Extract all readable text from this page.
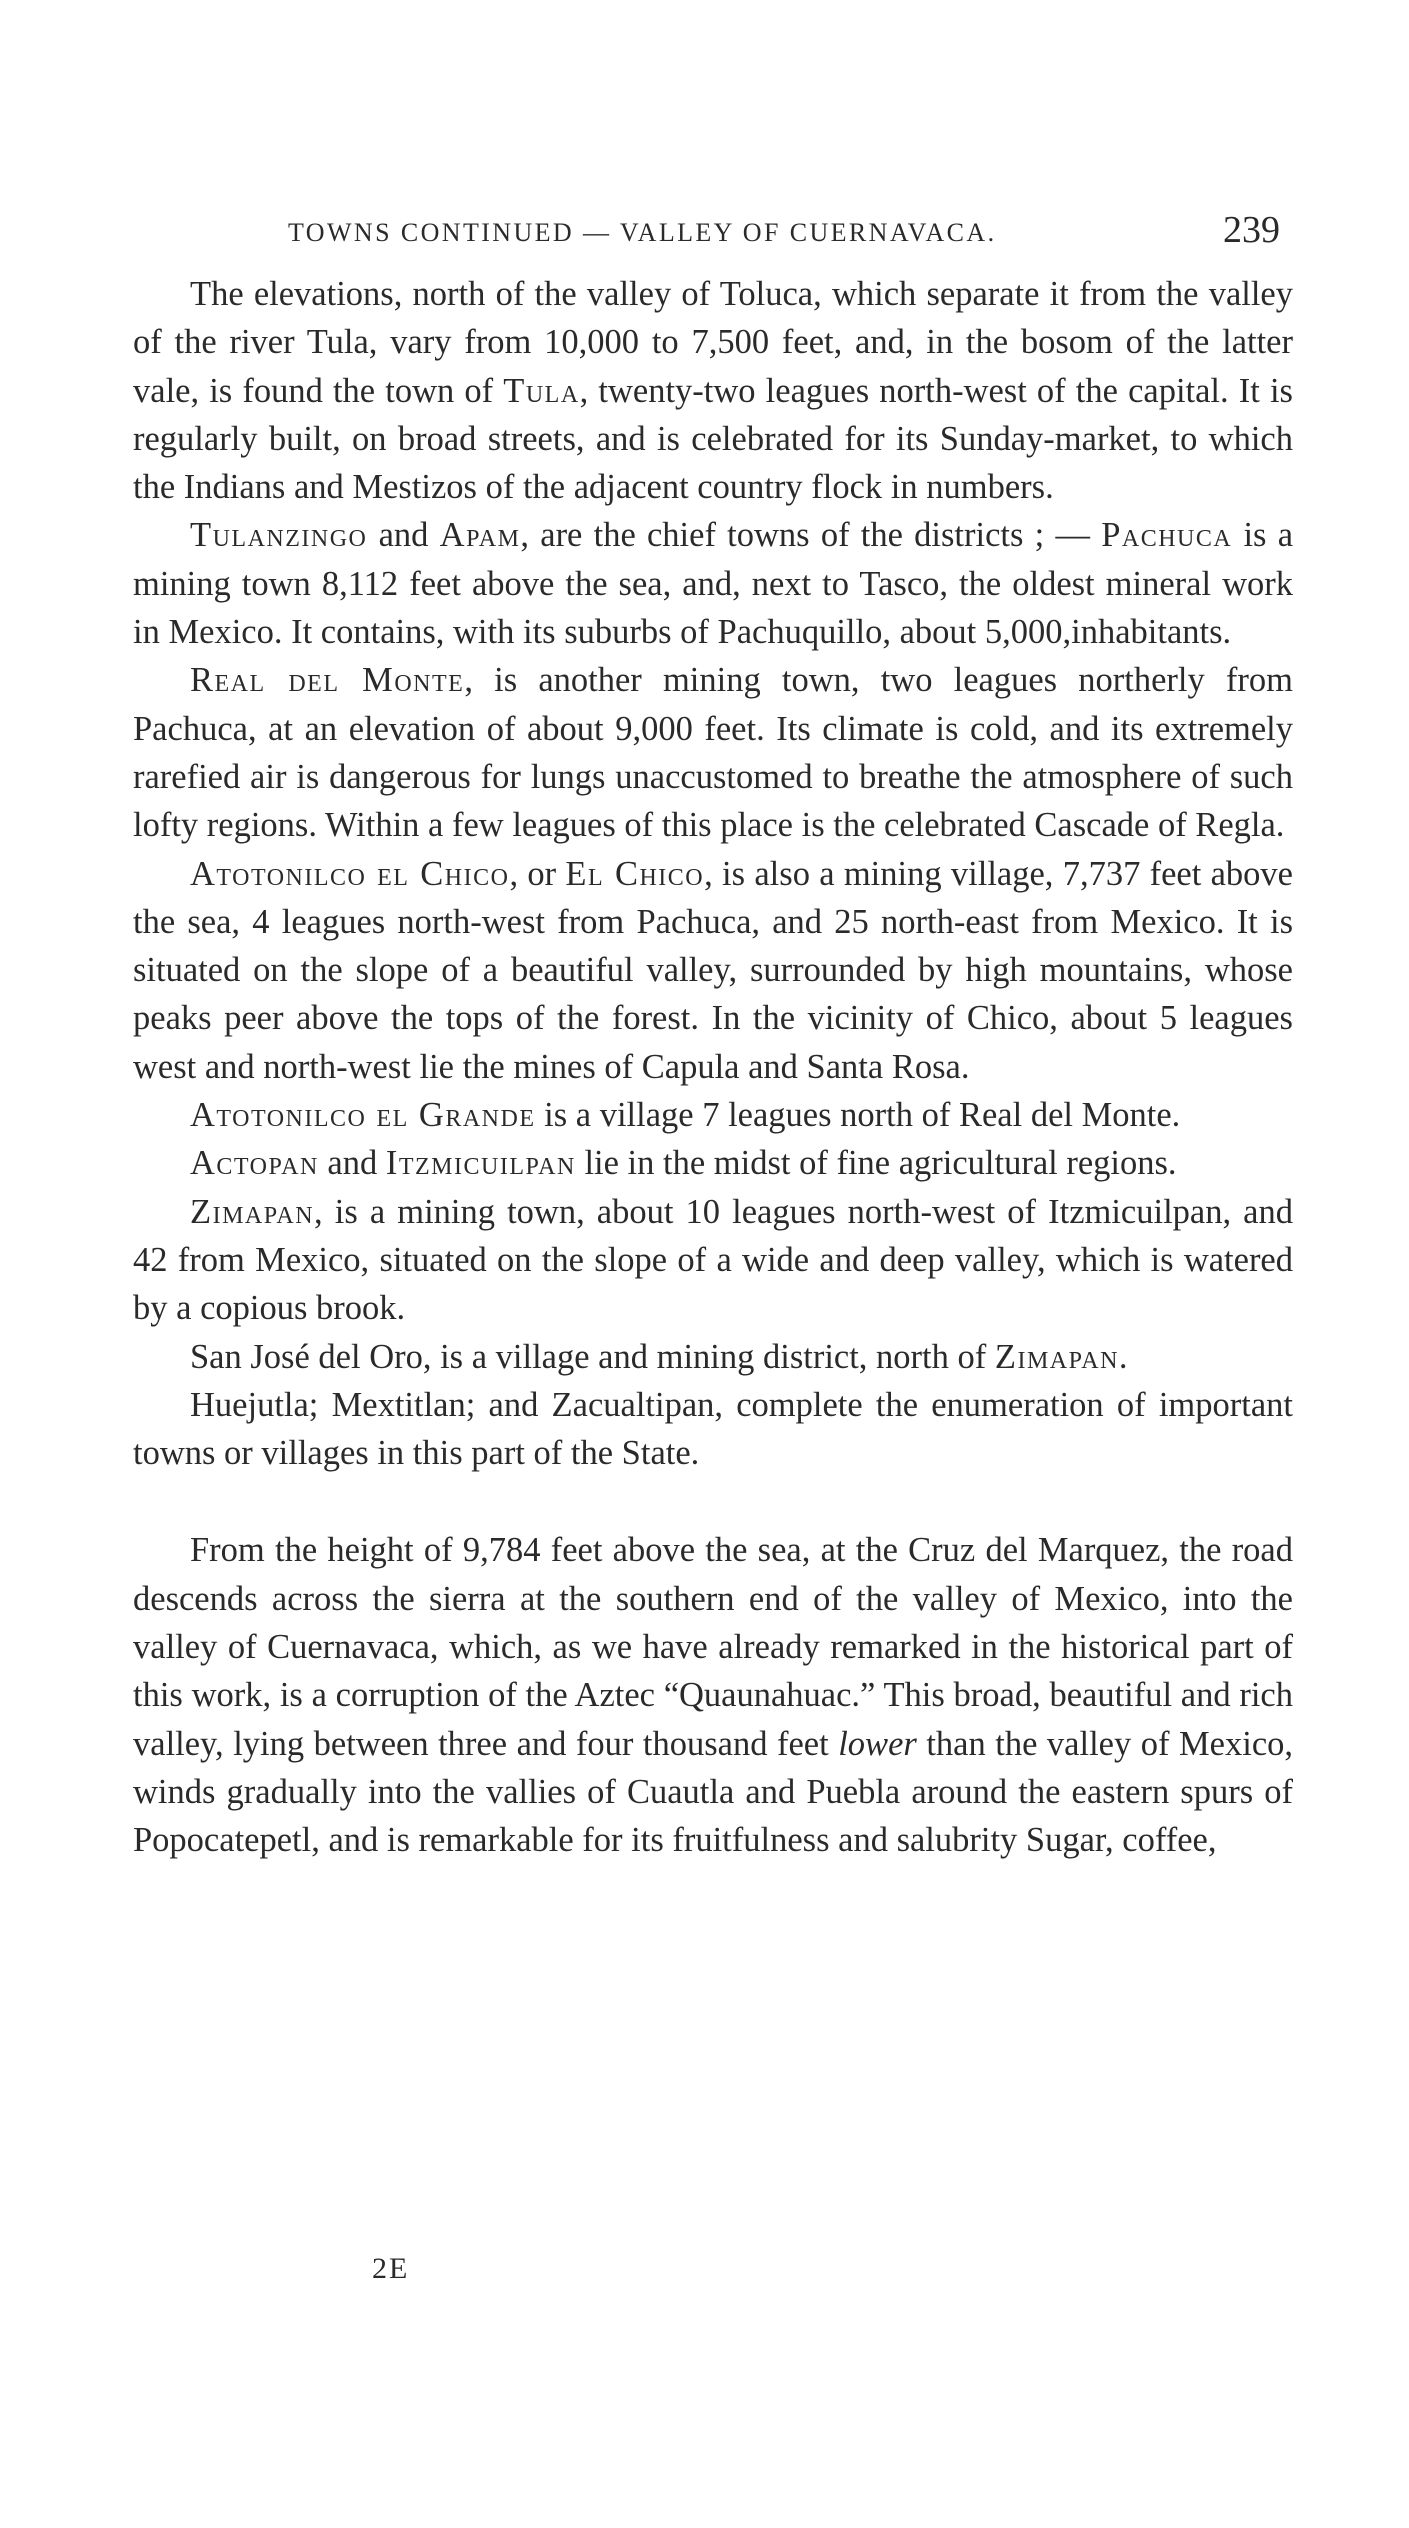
TOWNS CONTINUED — VALLEY OF CUERNAVACA.	239

The elevations, north of the valley of Toluca, which separate it from the valley of the river Tula, vary from 10,000 to 7,500 feet, and, in the bosom of the latter vale, is found the town of Tula, twenty-two leagues north-west of the capital. It is regularly built, on broad streets, and is celebrated for its Sunday-market, to which the Indians and Mestizos of the adjacent country flock in numbers.

Tulanzingo and Apam, are the chief towns of the districts ; — Pachuca is a mining town 8,112 feet above the sea, and, next to Tasco, the oldest mineral work in Mexico. It contains, with its suburbs of Pachuquillo, about 5,000,inhabitants.

Real del Monte, is another mining town, two leagues northerly from Pachuca, at an elevation of about 9,000 feet. Its climate is cold, and its extremely rarefied air is dangerous for lungs unaccustomed to breathe the atmosphere of such lofty regions. Within a few leagues of this place is the celebrated Cascade of Regla.

Atotonilco el Chico, or El Chico, is also a mining village, 7,737 feet above the sea, 4 leagues north-west from Pachuca, and 25 north-east from Mexico. It is situated on the slope of a beautiful valley, surrounded by high mountains, whose peaks peer above the tops of the forest. In the vicinity of Chico, about 5 leagues west and north-west lie the mines of Capula and Santa Rosa.

Atotonilco el Grande is a village 7 leagues north of Real del Monte.

Actopan and Itzmicuilpan lie in the midst of fine agricultural regions.

Zimapan, is a mining town, about 10 leagues north-west of Itzmicuilpan, and 42 from Mexico, situated on the slope of a wide and deep valley, which is watered by a copious brook.

San José del Oro, is a village and mining district, north of Zimapan.

Huejutla; Mextitlan; and Zacualtipan, complete the enumeration of important towns or villages in this part of the State.

From the height of 9,784 feet above the sea, at the Cruz del Marquez, the road descends across the sierra at the southern end of the valley of Mexico, into the valley of Cuernavaca, which, as we have already remarked in the historical part of this work, is a corruption of the Aztec “Quaunahuac.” This broad, beautiful and rich valley, lying between three and four thousand feet lower than the valley of Mexico, winds gradually into the vallies of Cuautla and Puebla around the eastern spurs of Popocatepetl, and is remarkable for its fruitfulness and salubrity Sugar, coffee,

2E
